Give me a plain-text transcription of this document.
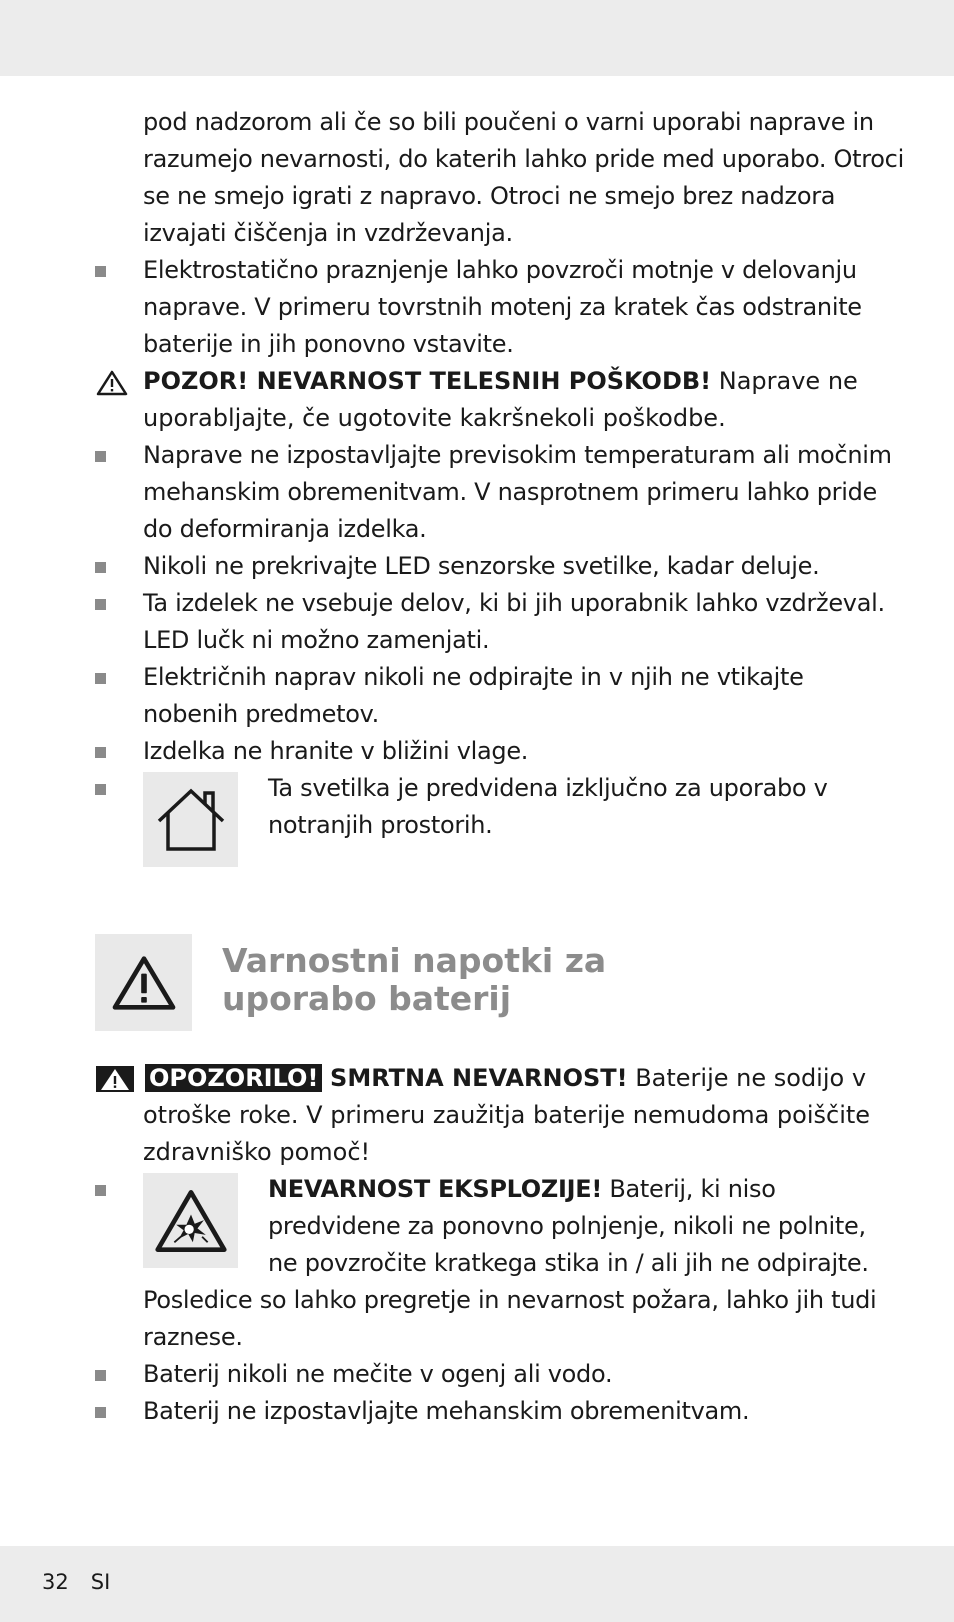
pod nadzorom ali če so bili poučeni o varni uporabi naprave in razumejo nevarnosti, do katerih lahko pride med uporabo. Otroci se ne smejo igrati z napravo. Otroci ne smejo brez nadzora izvajati čiščenja in vzdrževanja.

Elektrostatično praznjenje lahko povzroči motnje v delovanju naprave. V primeru tovrstnih motenj za kratek čas odstranite baterije in jih ponovno vstavite.
POZOR! NEVARNOST TELESNIH POŠKODB! Naprave ne uporabljajte, če ugotovite kakršnekoli poškodbe.
Naprave ne izpostavljajte previsokim temperaturam ali močnim mehanskim obremenitvam. V nasprotnem primeru lahko pride do deformiranja izdelka.
Nikoli ne prekrivajte LED senzorske svetilke, kadar deluje.
Ta izdelek ne vsebuje delov, ki bi jih uporabnik lahko vzdrževal. LED lučk ni možno zamenjati.
Električnih naprav nikoli ne odpirajte in v njih ne vtikajte nobenih predmetov.
Izdelka ne hranite v bližini vlage.

Ta svetilka je predvidena izključno za uporabo v notranjih prostorih.

Varnostni napotki za
uporabo baterij
OPOZORILO! SMRTNA NEVARNOST! Baterije ne sodijo v otroške roke. V primeru zaužitja baterije nemudoma poiščite zdravniško pomoč!

NEVARNOST EKSPLOZIJE! Baterij, ki niso predvidene za ponovno polnjenje, nikoli ne polnite, ne povzročite kratkega stika in / ali jih ne odpirajte.

Posledice so lahko pregretje in nevarnost požara, lahko jih tudi raznese.

Baterij nikoli ne mečite v ogenj ali vodo.
Baterij ne izpostavljajte mehanskim obremenitvam.
32 SI
